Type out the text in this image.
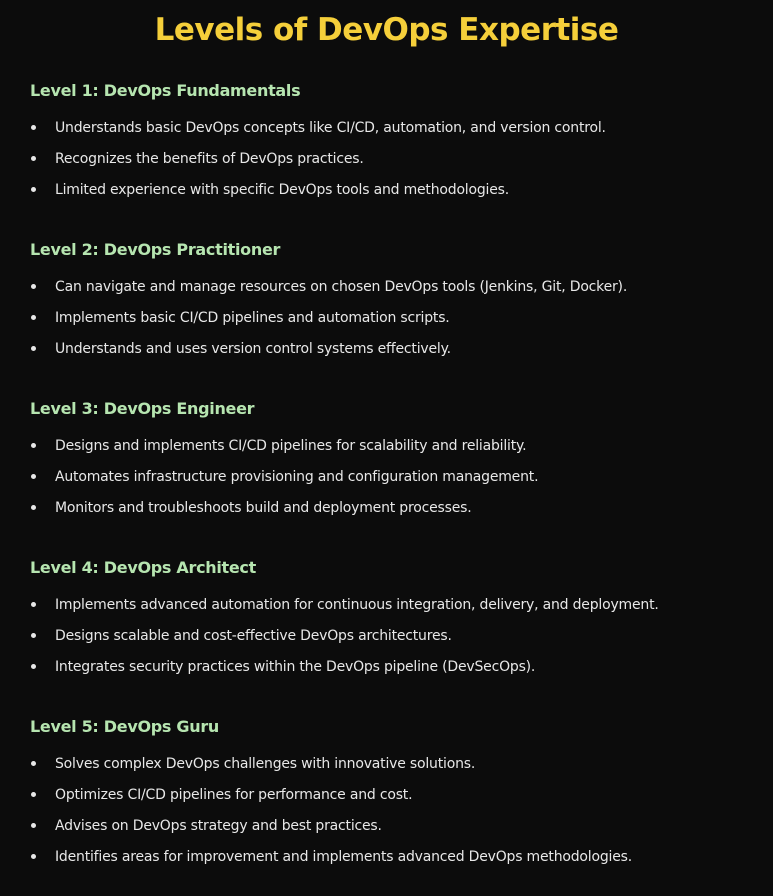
Levels of DevOps Expertise
Level 1: DevOps Fundamentals
Understands basic DevOps concepts like CI/CD, automation, and version control.
Recognizes the benefits of DevOps practices.
Limited experience with specific DevOps tools and methodologies.
Level 2: DevOps Practitioner
Can navigate and manage resources on chosen DevOps tools (Jenkins, Git, Docker).
Implements basic CI/CD pipelines and automation scripts.
Understands and uses version control systems effectively.
Level 3: DevOps Engineer
Designs and implements CI/CD pipelines for scalability and reliability.
Automates infrastructure provisioning and configuration management.
Monitors and troubleshoots build and deployment processes.
Level 4: DevOps Architect
Implements advanced automation for continuous integration, delivery, and deployment.
Designs scalable and cost-effective DevOps architectures.
Integrates security practices within the DevOps pipeline (DevSecOps).
Level 5: DevOps Guru
Solves complex DevOps challenges with innovative solutions.
Optimizes CI/CD pipelines for performance and cost.
Advises on DevOps strategy and best practices.
Identifies areas for improvement and implements advanced DevOps methodologies.
